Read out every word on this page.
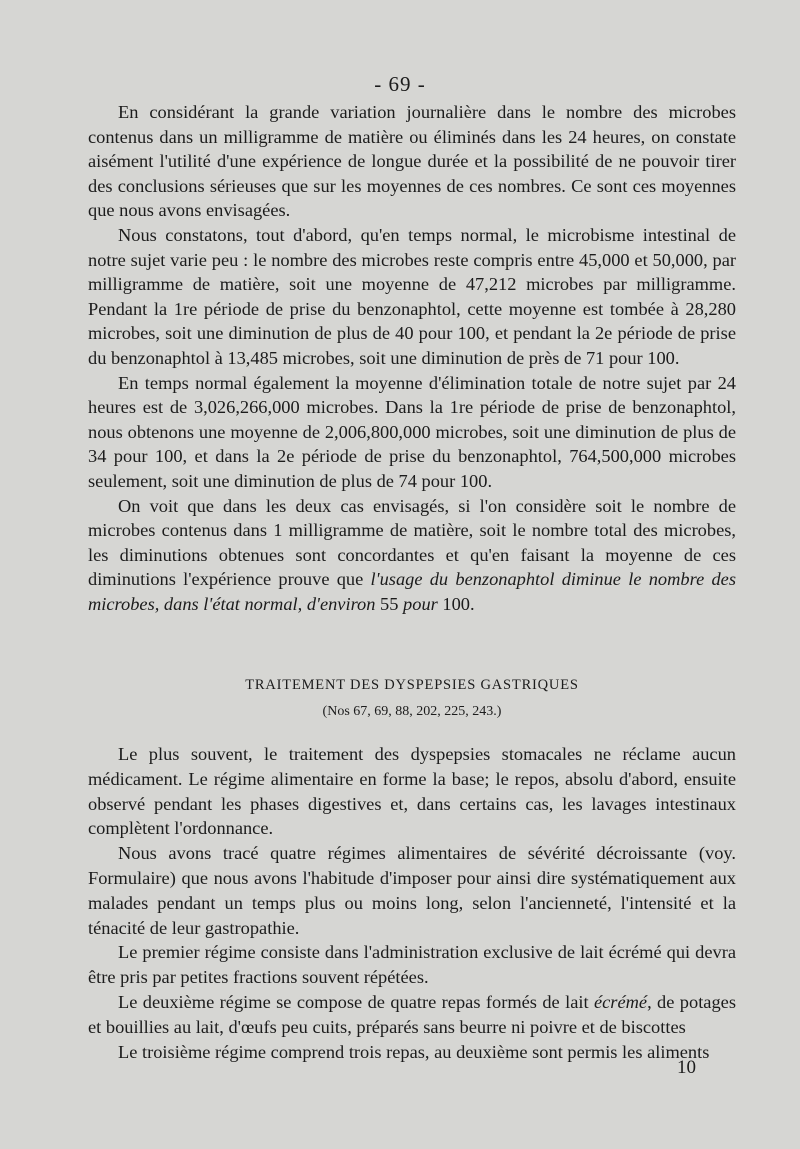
- 69 -

En considérant la grande variation journalière dans le nombre des microbes contenus dans un milligramme de matière ou éliminés dans les 24 heures, on constate aisément l'utilité d'une expérience de longue durée et la possibilité de ne pouvoir tirer des conclusions sérieuses que sur les moyennes de ces nombres. Ce sont ces moyennes que nous avons envisagées.

Nous constatons, tout d'abord, qu'en temps normal, le microbisme intestinal de notre sujet varie peu : le nombre des microbes reste compris entre 45,000 et 50,000, par milligramme de matière, soit une moyenne de 47,212 microbes par milligramme. Pendant la 1re période de prise du benzonaphtol, cette moyenne est tombée à 28,280 microbes, soit une diminution de plus de 40 pour 100, et pendant la 2e période de prise du benzonaphtol à 13,485 microbes, soit une diminution de près de 71 pour 100.

En temps normal également la moyenne d'élimination totale de notre sujet par 24 heures est de 3,026,266,000 microbes. Dans la 1re période de prise de benzonaphtol, nous obtenons une moyenne de 2,006,800,000 microbes, soit une diminution de plus de 34 pour 100, et dans la 2e période de prise du benzonaphtol, 764,500,000 microbes seulement, soit une diminution de plus de 74 pour 100.

On voit que dans les deux cas envisagés, si l'on considère soit le nombre de microbes contenus dans 1 milligramme de matière, soit le nombre total des microbes, les diminutions obtenues sont concordantes et qu'en faisant la moyenne de ces diminutions l'expérience prouve que l'usage du benzonaphtol diminue le nombre des microbes, dans l'état normal, d'environ 55 pour 100.

TRAITEMENT DES DYSPEPSIES GASTRIQUES
(Nos 67, 69, 88, 202, 225, 243.)

Le plus souvent, le traitement des dyspepsies stomacales ne réclame aucun médicament. Le régime alimentaire en forme la base; le repos, absolu d'abord, ensuite observé pendant les phases digestives et, dans certains cas, les lavages intestinaux complètent l'ordonnance.

Nous avons tracé quatre régimes alimentaires de sévérité décroissante (voy. Formulaire) que nous avons l'habitude d'imposer pour ainsi dire systématiquement aux malades pendant un temps plus ou moins long, selon l'ancienneté, l'intensité et la ténacité de leur gastropathie.

Le premier régime consiste dans l'administration exclusive de lait écrémé qui devra être pris par petites fractions souvent répétées.

Le deuxième régime se compose de quatre repas formés de lait écrémé, de potages et bouillies au lait, d'œufs peu cuits, préparés sans beurre ni poivre et de biscottes

Le troisième régime comprend trois repas, au deuxième sont permis les aliments

10
